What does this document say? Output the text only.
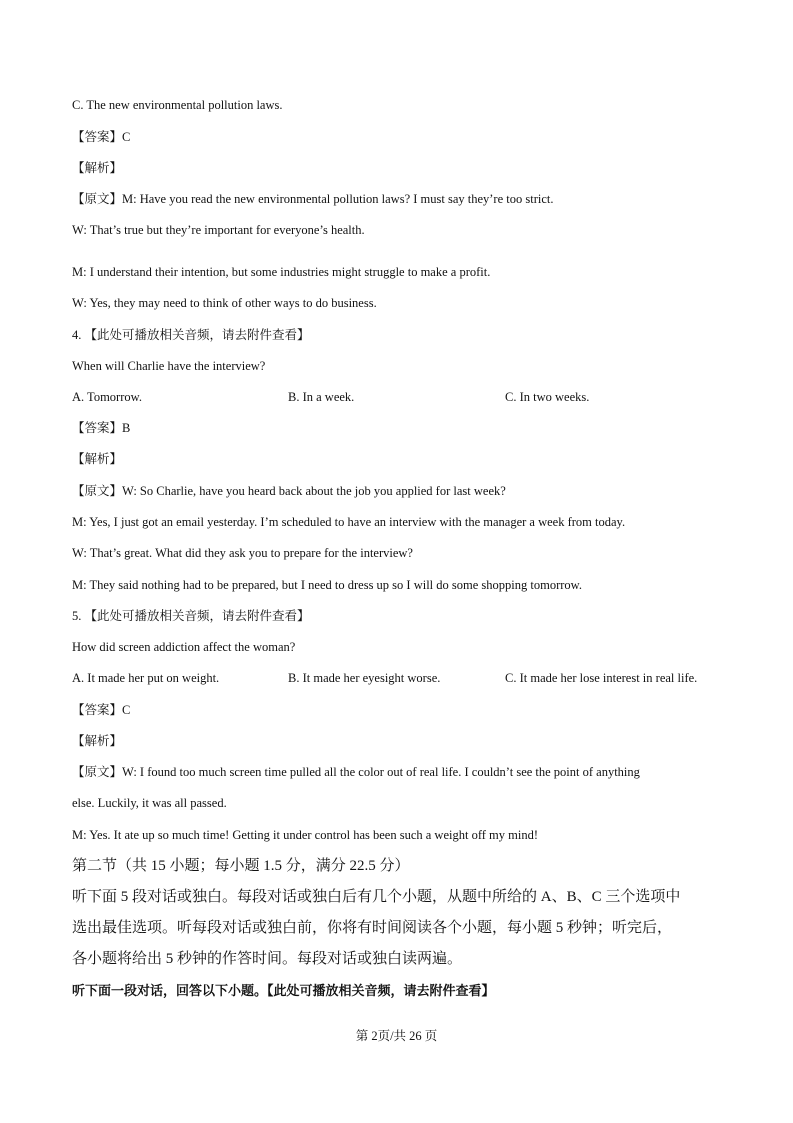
C. The new environmental pollution laws.
【答案】C
【解析】
【原文】M: Have you read the new environmental pollution laws? I must say they’re too strict.
W: That’s true but they’re important for everyone’s health.
M: I understand their intention, but some industries might struggle to make a profit.
W: Yes, they may need to think of other ways to do business.
4. 【此处可播放相关音频，请去附件查看】
When will Charlie have the interview?
A. Tomorrow.	B. In a week.	C. In two weeks.
【答案】B
【解析】
【原文】W: So Charlie, have you heard back about the job you applied for last week?
M: Yes, I just got an email yesterday. I’m scheduled to have an interview with the manager a week from today.
W: That’s great. What did they ask you to prepare for the interview?
M: They said nothing had to be prepared, but I need to dress up so I will do some shopping tomorrow.
5. 【此处可播放相关音频，请去附件查看】
How did screen addiction affect the woman?
A. It made her put on weight.	B. It made her eyesight worse.	C. It made her lose interest in real life.
【答案】C
【解析】
【原文】W: I found too much screen time pulled all the color out of real life. I couldn’t see the point of anything
else. Luckily, it was all passed.
M: Yes. It ate up so much time! Getting it under control has been such a weight off my mind!
第二节（共 15 小题；每小题 1.5 分，满分 22.5 分）
听下面 5 段对话或独白。每段对话或独白后有几个小题，从题中所给的 A、B、C 三个选项中
选出最佳选项。听每段对话或独白前，你将有时间阅读各个小题，每小题 5 秒钟；听完后，
各小题将给出 5 秒钟的作答时间。每段对话或独白读两遍。
听下面一段对话，回答以下小题。【此处可播放相关音频，请去附件查看】
第 2页/共 26 页
